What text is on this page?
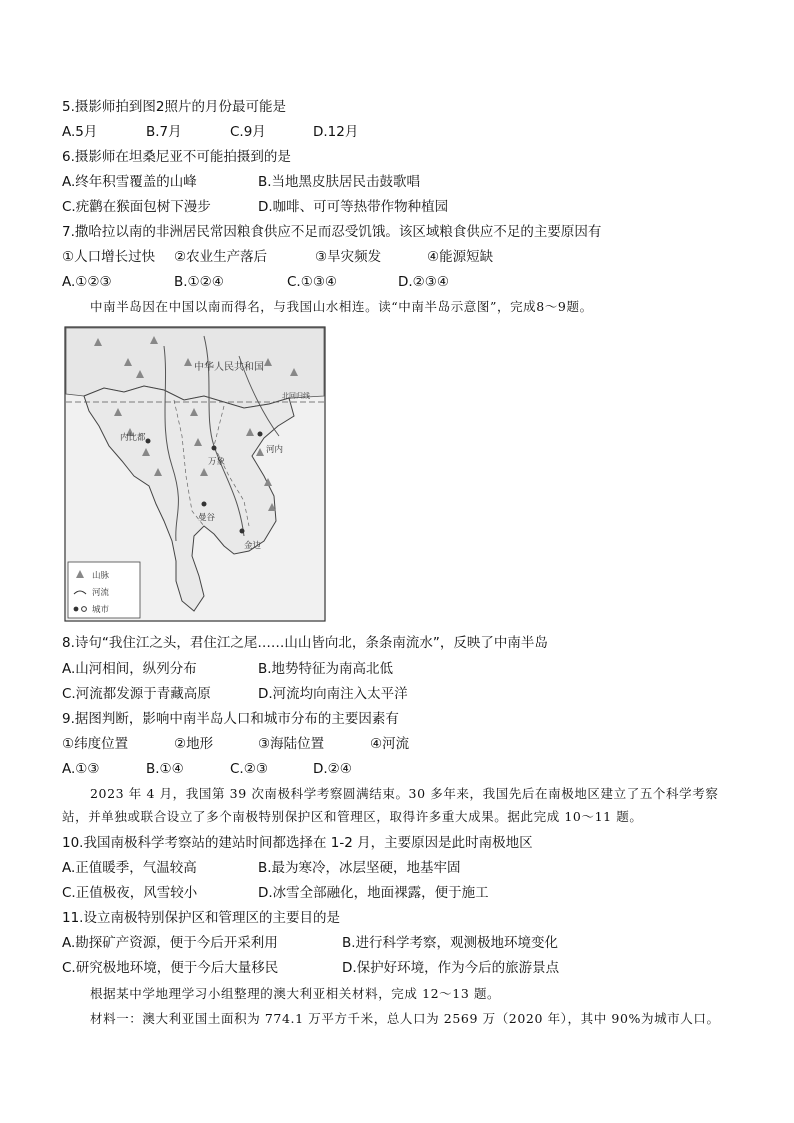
5.摄影师拍到图2照片的月份最可能是
A.5月	B.7月	C.9月	D.12月
6.摄影师在坦桑尼亚不可能拍摄到的是
A.终年积雪覆盖的山峰	B.当地黑皮肤居民击鼓歌唱
C.疣鹳在猴面包树下漫步	D.咖啡、可可等热带作物种植园
7.撒哈拉以南的非洲居民常因粮食供应不足而忍受饥饿。该区域粮食供应不足的主要原因有
①人口增长过快 ②农业生产落后	③旱灾频发	④能源短缺
A.①②③	B.①②④	C.①③④	D.②③④
中南半岛因在中国以南而得名，与我国山水相连。读“中南半岛示意图”，完成8～9题。
中华人民共和国
北回归线
内比都
万象
河内
曼谷
金边
山脉
河流
城市
8.诗句“我住江之头，君住江之尾……山山皆向北，条条南流水”，反映了中南半岛
A.山河相间，纵列分布	B.地势特征为南高北低
C.河流都发源于青藏高原	D.河流均向南注入太平洋
9.据图判断，影响中南半岛人口和城市分布的主要因素有
①纬度位置	②地形	③海陆位置	④河流
A.①③	B.①④	C.②③	D.②④
2023 年 4 月，我国第 39 次南极科学考察圆满结束。30 多年来，我国先后在南极地区建立了五个科学考察
站，并单独或联合设立了多个南极特别保护区和管理区，取得许多重大成果。据此完成 10～11 题。
10.我国南极科学考察站的建站时间都选择在 1-2 月，主要原因是此时南极地区
A.正值暖季，气温较高	B.最为寒冷，冰层坚硬，地基牢固
C.正值极夜，风雪较小	D.冰雪全部融化，地面裸露，便于施工
11.设立南极特别保护区和管理区的主要目的是
A.勘探矿产资源，便于今后开采利用	B.进行科学考察，观测极地环境变化
C.研究极地环境，便于今后大量移民	D.保护好环境，作为今后的旅游景点
根据某中学地理学习小组整理的澳大利亚相关材料，完成 12～13 题。
材料一：澳大利亚国土面积为 774.1 万平方千米，总人口为 2569 万（2020 年），其中 90%为城市人口。
